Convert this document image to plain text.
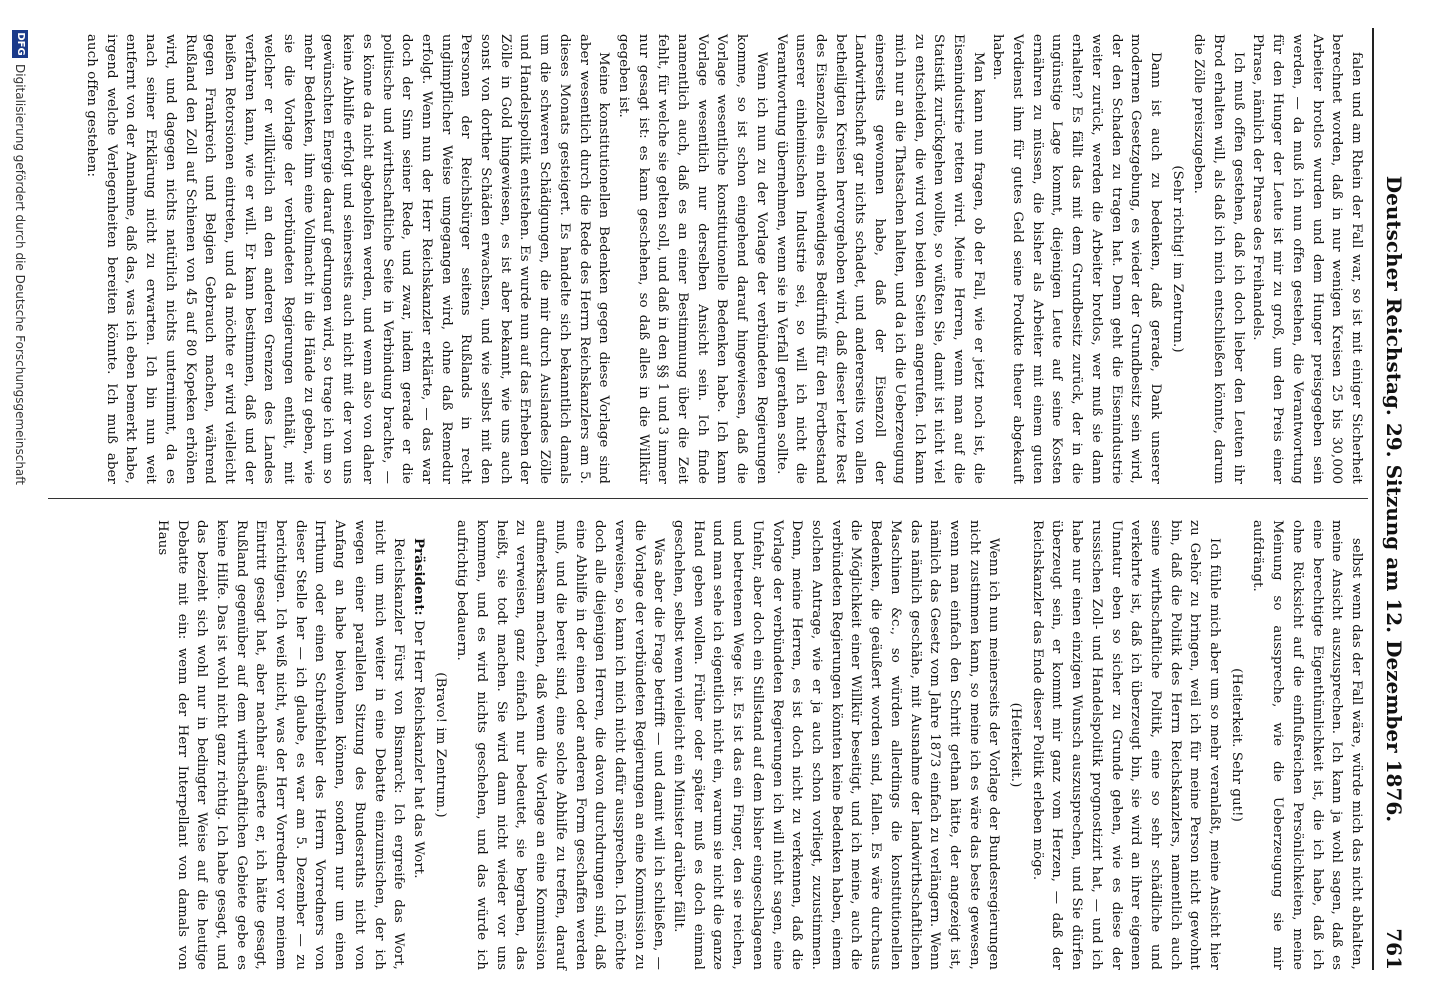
Deutscher Reichstag. 29. Sitzung am 12. Dezember 1876.
761

falen und am Rhein der Fall war, so ist mit einiger Sicherheit berechnet worden, daß in nur wenigen Kreisen 25 bis 30,000 Arbeiter brotlos wurden und dem Hunger preisgegeben sein werden, — da muß ich nun offen gestehen, die Verantwortung für den Hunger der Leute ist mir zu groß, um den Preis einer Phrase, nämlich der Phrase des Freihandels.

Ich muß offen gestehen, daß ich doch lieber den Leuten ihr Brod erhalten will, als daß ich mich entschließen könnte, darum die Zölle preiszugeben.

(Sehr richtig! im Zentrum.)

Dann ist auch zu bedenken, daß gerade, Dank unserer modernen Gesetzgebung, es wieder der Grundbesitz sein wird, der den Schaden zu tragen hat. Denn geht die Eisenindustrie weiter zurück, werden die Arbeiter brotlos, wer muß sie dann erhalten? Es fällt das mit dem Grundbesitz zurück, der in die ungünstige Lage kommt, diejenigen Leute auf seine Kosten ernähren zu müssen, die bisher als Arbeiter mit einem guten Verdienst ihm für gutes Geld seine Produkte theuer abgekauft haben.

Man kann nun fragen, ob der Fall, wie er jetzt noch ist, die Eisenindustrie retten wird. Meine Herren, wenn man auf die Statistik zurückgehen wollte, so wüßten Sie, damit ist nicht viel zu entscheiden, die wird von beiden Seiten angerufen. Ich kann mich nur an die Thatsachen halten, und da ich die Ueberzeugung einerseits gewonnen habe, daß der Eisenzoll der Landwirthschaft gar nichts schadet, und andererseits von allen betheiligten Kreisen hervorgehoben wird, daß dieser letzte Rest des Eisenzolles ein nothwendiges Bedürfniß für den Fortbestand unserer einheimischen Industrie sei, so will ich nicht die Verantwortung übernehmen, wenn sie in Verfall gerathen sollte.

Wenn ich nun zu der Vorlage der verbündeten Regierungen komme, so ist schon eingehend darauf hingewiesen, daß die Vorlage wesentliche konstitutionelle Bedenken habe. Ich kann Vorlage wesentlich nur derselben Ansicht sein. Ich finde namentlich auch, daß es an einer Bestimmung über die Zeit fehlt, für welche sie gelten soll, und daß in den §§ 1 und 3 immer nur gesagt ist: es kann geschehen, so daß alles in die Willkür gegeben ist.

Meine konstitutionellen Bedenken gegen diese Vorlage sind aber wesentlich durch die Rede des Herrn Reichskanzlers am 5. dieses Monats gesteigert. Es handelte sich bekanntlich damals um die schweren Schädigungen, die mir durch Auslandes Zölle und Handelspolitik entstehen. Es wurde nun auf das Erheben der Zölle in Gold hingewiesen, es ist aber bekannt, wie uns auch sonst von dorther Schäden erwachsen, und wie selbst mit den Personen der Reichsbürger seitens Rußlands in recht unglimpflicher Weise umgegangen wird, ohne daß Remedur erfolgt. Wenn nun der Herr Reichskanzler erklärte, — das war doch der Sinn seiner Rede, und zwar, indem gerade er die politische und wirthschaftliche Seite in Verbindung brachte, — es könne da nicht abgeholfen werden, und wenn also von daher keine Abhilfe erfolgt und seinerseits auch nicht mit der von uns gewünschten Energie darauf gedrungen wird, so trage ich um so mehr Bedenken, ihm eine Vollmacht in die Hände zu geben, wie sie die Vorlage der verbündeten Regierungen enthält, mit welcher er willkürlich an den anderen Grenzen des Landes verfahren kann, wie er will. Er kann bestimmen, daß und der heißen Retorsionen eintreten, und da möchte er wird vielleicht gegen Frankreich und Belgien Gebrauch machen, während Rußland den Zoll auf Schienen von 45 auf 80 Kopeken erhöhen wird, und dagegen nichts natürlich nichts unternimmt, da es nach seiner Erklärung nicht zu erwarten. Ich bin nun weit entfernt von der Annahme, daß das, was ich eben bemerkt habe, irgend welche Verlegenheiten bereiten könnte. Ich muß aber auch offen gestehen:

selbst wenn das der Fall wäre, würde mich das nicht abhalten, meine Ansicht auszusprechen. Ich kann ja wohl sagen, daß es eine berechtigte Eigenthümlichkeit ist, die ich habe, daß ich ohne Rücksicht auf die einflußreichen Persönlichkeiten, meine Meinung so ausspreche, wie die Ueberzeugung sie mir aufdrängt.

(Heiterkeit. Sehr gut!)

Ich fühle mich aber um so mehr veranlaßt, meine Ansicht hier zu Gehör zu bringen, weil ich für meine Person nicht gewohnt bin, daß die Politik des Herrn Reichskanzlers, namentlich auch seine wirthschaftliche Politik, eine so sehr schädliche und verkehrte ist, daß ich überzeugt bin, sie wird an ihrer eigenen Unnatur eben so sicher zu Grunde gehen, wie es diese der russischen Zoll- und Handelspolitik prognostizirt hat, — und ich habe nur einen einzigen Wunsch auszusprechen, und Sie dürfen überzeugt sein, er kommt mir ganz vom Herzen, — daß der Reichskanzler das Ende dieser Politik erleben möge.

(Heiterkeit.)

Wenn ich nun meinerseits der Vorlage der Bundesregierungen nicht zustimmen kann, so meine ich es wäre das beste gewesen, wenn man einfach den Schritt gethan hätte, der angezeigt ist, nämlich das Gesetz vom Jahre 1873 einfach zu verlängern. Wenn das nämlich geschähe, mit Ausnahme der landwirthschaftlichen Maschinen &c., so würden allerdings die konstitutionellen Bedenken, die geäußert worden sind, fallen. Es wäre durchaus die Möglichkeit einer Willkür beseitigt, und ich meine, auch die verbündeten Regierungen könnten keine Bedenken haben, einem solchen Antrage, wie er ja auch schon vorliegt, zuzustimmen. Denn, meine Herren, es ist doch nicht zu verkennen, daß die Vorlage der verbündeten Regierungen ich will nicht sagen, eine Unfehr, aber doch ein Stillstand auf dem bisher eingeschlagenen und betretenen Wege ist. Es ist das ein Finger, den sie reichen, und man sehe ich eigentlich nicht ein, warum sie nicht die ganze Hand geben wollen. Früher oder später muß es doch einmal geschehen, selbst wenn vielleicht ein Minister darüber fällt.

Was aber die Frage betrifft — und damit will ich schließen, — die Vorlage der verbündeten Regierungen an eine Kommission zu verweisen, so kann ich mich nicht dafür aussprechen. Ich möchte doch alle diejenigen Herren, die davon durchdrungen sind, daß eine Abhilfe in der einen oder anderen Form geschaffen werden muß, und die bereit sind, eine solche Abhilfe zu treffen, darauf aufmerksam machen, daß wenn die Vorlage an eine Kommission zu verweisen, ganz einfach nur bedeutet, sie begraben, das heißt, sie todt machen. Sie wird dann nicht wieder vor uns kommen, und es wird nichts geschehen, und das würde ich aufrichtig bedauern.

(Bravo! im Zentrum.)

Präsident: Der Herr Reichskanzler hat das Wort.

Reichskanzler Fürst von Bismarck: Ich ergreife das Wort, nicht um mich weiter in eine Debatte einzumischen, der ich wegen einer parallelen Sitzung des Bundesraths nicht von Anfang an habe beiwohnen können, sondern nur um einen Irrthum oder einen Schreibfehler des Herrn Vorredners von dieser Stelle her — ich glaube, es war am 5. Dezember — zu berichtigen. Ich weiß nicht, was der Herr Vorredner vor meinem Eintritt gesagt hat, aber nachher äußerte er, ich hätte gesagt, Rußland gegenüber auf dem wirthschaftlichen Gebiete gebe es keine Hilfe. Das ist wohl nicht ganz richtig. Ich habe gesagt, und das bezieht sich wohl nur in bedingter Weise auf die heutige Debatte mit ein: wenn der Herr Interpellant von damals von Haus

DFG
Digitalisierung gefördert durch die Deutsche Forschungsgemeinschaft
